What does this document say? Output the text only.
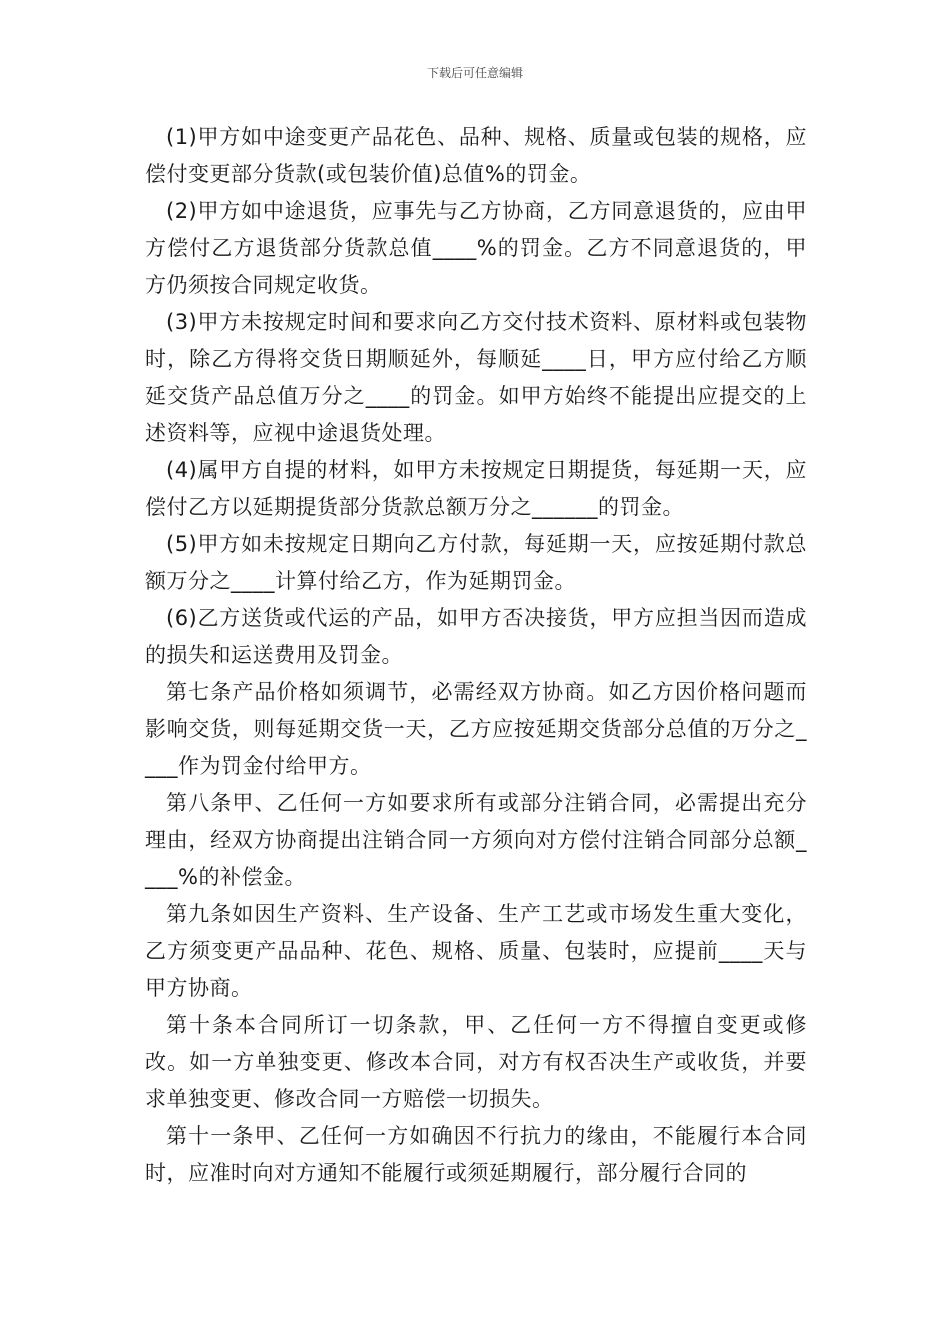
下载后可任意编辑

(1)甲方如中途变更产品花色、品种、规格、质量或包装的规格，应偿付变更部分货款(或包装价值)总值%的罚金。

(2)甲方如中途退货，应事先与乙方协商，乙方同意退货的，应由甲方偿付乙方退货部分货款总值____%的罚金。乙方不同意退货的，甲方仍须按合同规定收货。

(3)甲方未按规定时间和要求向乙方交付技术资料、原材料或包装物时，除乙方得将交货日期顺延外，每顺延____日，甲方应付给乙方顺延交货产品总值万分之____的罚金。如甲方始终不能提出应提交的上述资料等，应视中途退货处理。

(4)属甲方自提的材料，如甲方未按规定日期提货，每延期一天，应偿付乙方以延期提货部分货款总额万分之______的罚金。

(5)甲方如未按规定日期向乙方付款，每延期一天，应按延期付款总额万分之____计算付给乙方，作为延期罚金。

(6)乙方送货或代运的产品，如甲方否决接货，甲方应担当因而造成的损失和运送费用及罚金。

第七条产品价格如须调节，必需经双方协商。如乙方因价格问题而影响交货，则每延期交货一天，乙方应按延期交货部分总值的万分之____作为罚金付给甲方。

第八条甲、乙任何一方如要求所有或部分注销合同，必需提出充分理由，经双方协商提出注销合同一方须向对方偿付注销合同部分总额____%的补偿金。

第九条如因生产资料、生产设备、生产工艺或市场发生重大变化，乙方须变更产品品种、花色、规格、质量、包装时，应提前____天与甲方协商。

第十条本合同所订一切条款，甲、乙任何一方不得擅自变更或修改。如一方单独变更、修改本合同，对方有权否决生产或收货，并要求单独变更、修改合同一方赔偿一切损失。

第十一条甲、乙任何一方如确因不行抗力的缘由，不能履行本合同时，应准时向对方通知不能履行或须延期履行，部分履行合同的
